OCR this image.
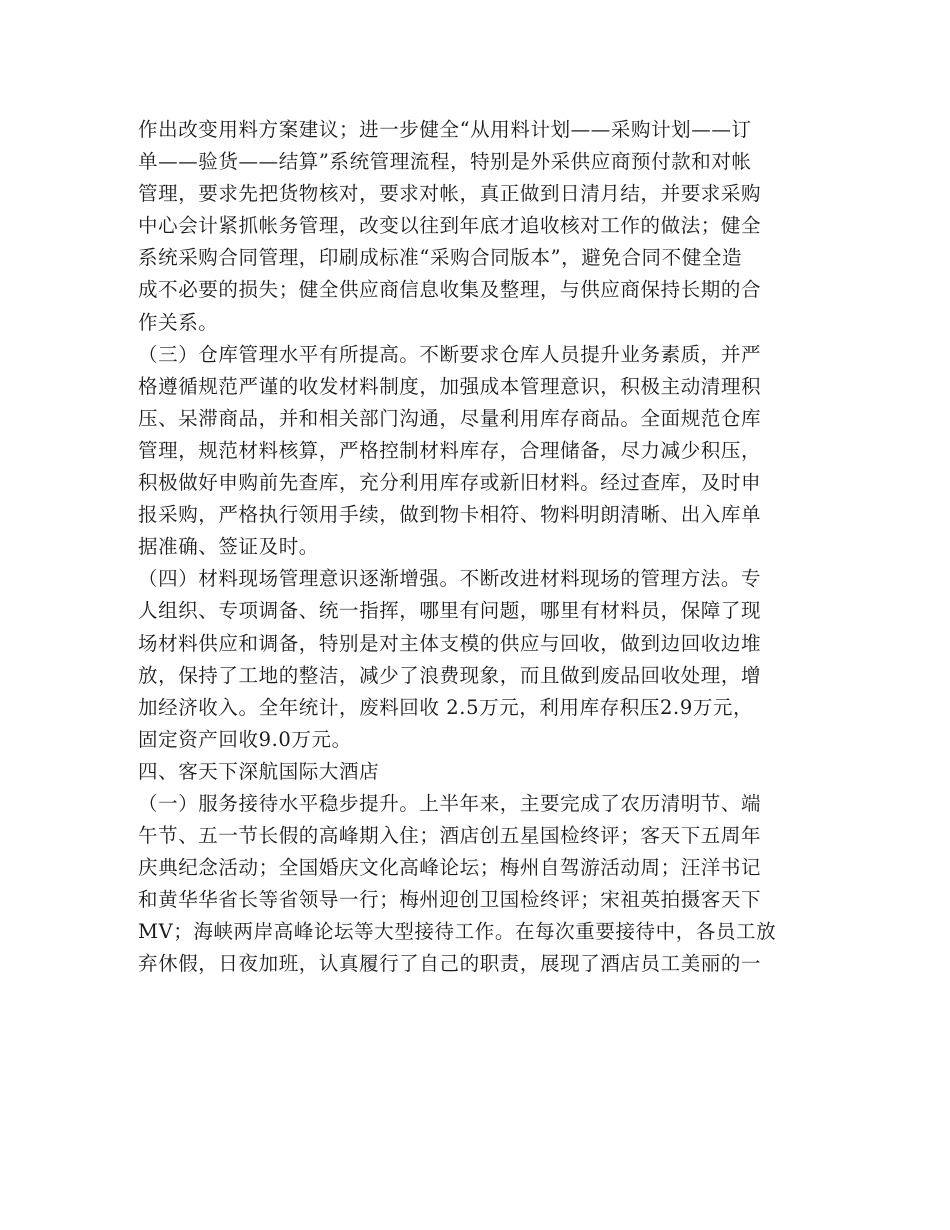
作出改变用料方案建议；进一步健全“从用料计划——采购计划——订
单——验货——结算”系统管理流程，特别是外采供应商预付款和对帐
管理，要求先把货物核对，要求对帐，真正做到日清月结，并要求采购
中心会计紧抓帐务管理，改变以往到年底才追收核对工作的做法；健全
系统采购合同管理，印刷成标准“采购合同版本”，避免合同不健全造
成不必要的损失；健全供应商信息收集及整理，与供应商保持长期的合
作关系。
（三）仓库管理水平有所提高。不断要求仓库人员提升业务素质，并严
格遵循规范严谨的收发材料制度，加强成本管理意识，积极主动清理积
压、呆滞商品，并和相关部门沟通，尽量利用库存商品。全面规范仓库
管理，规范材料核算，严格控制材料库存，合理储备，尽力减少积压，
积极做好申购前先查库，充分利用库存或新旧材料。经过查库，及时申
报采购，严格执行领用手续，做到物卡相符、物料明朗清晰、出入库单
据准确、签证及时。
（四）材料现场管理意识逐渐增强。不断改进材料现场的管理方法。专
人组织、专项调备、统一指挥，哪里有问题，哪里有材料员，保障了现
场材料供应和调备，特别是对主体支模的供应与回收，做到边回收边堆
放，保持了工地的整洁，减少了浪费现象，而且做到废品回收处理，增
加经济收入。全年统计，废料回收 2.5万元，利用库存积压2.9万元，
固定资产回收9.0万元。
四、客天下深航国际大酒店
（一）服务接待水平稳步提升。上半年来，主要完成了农历清明节、端
午节、五一节长假的高峰期入住；酒店创五星国检终评；客天下五周年
庆典纪念活动；全国婚庆文化高峰论坛；梅州自驾游活动周；汪洋书记
和黄华华省长等省领导一行；梅州迎创卫国检终评；宋祖英拍摄客天下
MV；海峡两岸高峰论坛等大型接待工作。在每次重要接待中，各员工放
弃休假，日夜加班，认真履行了自己的职责，展现了酒店员工美丽的一
